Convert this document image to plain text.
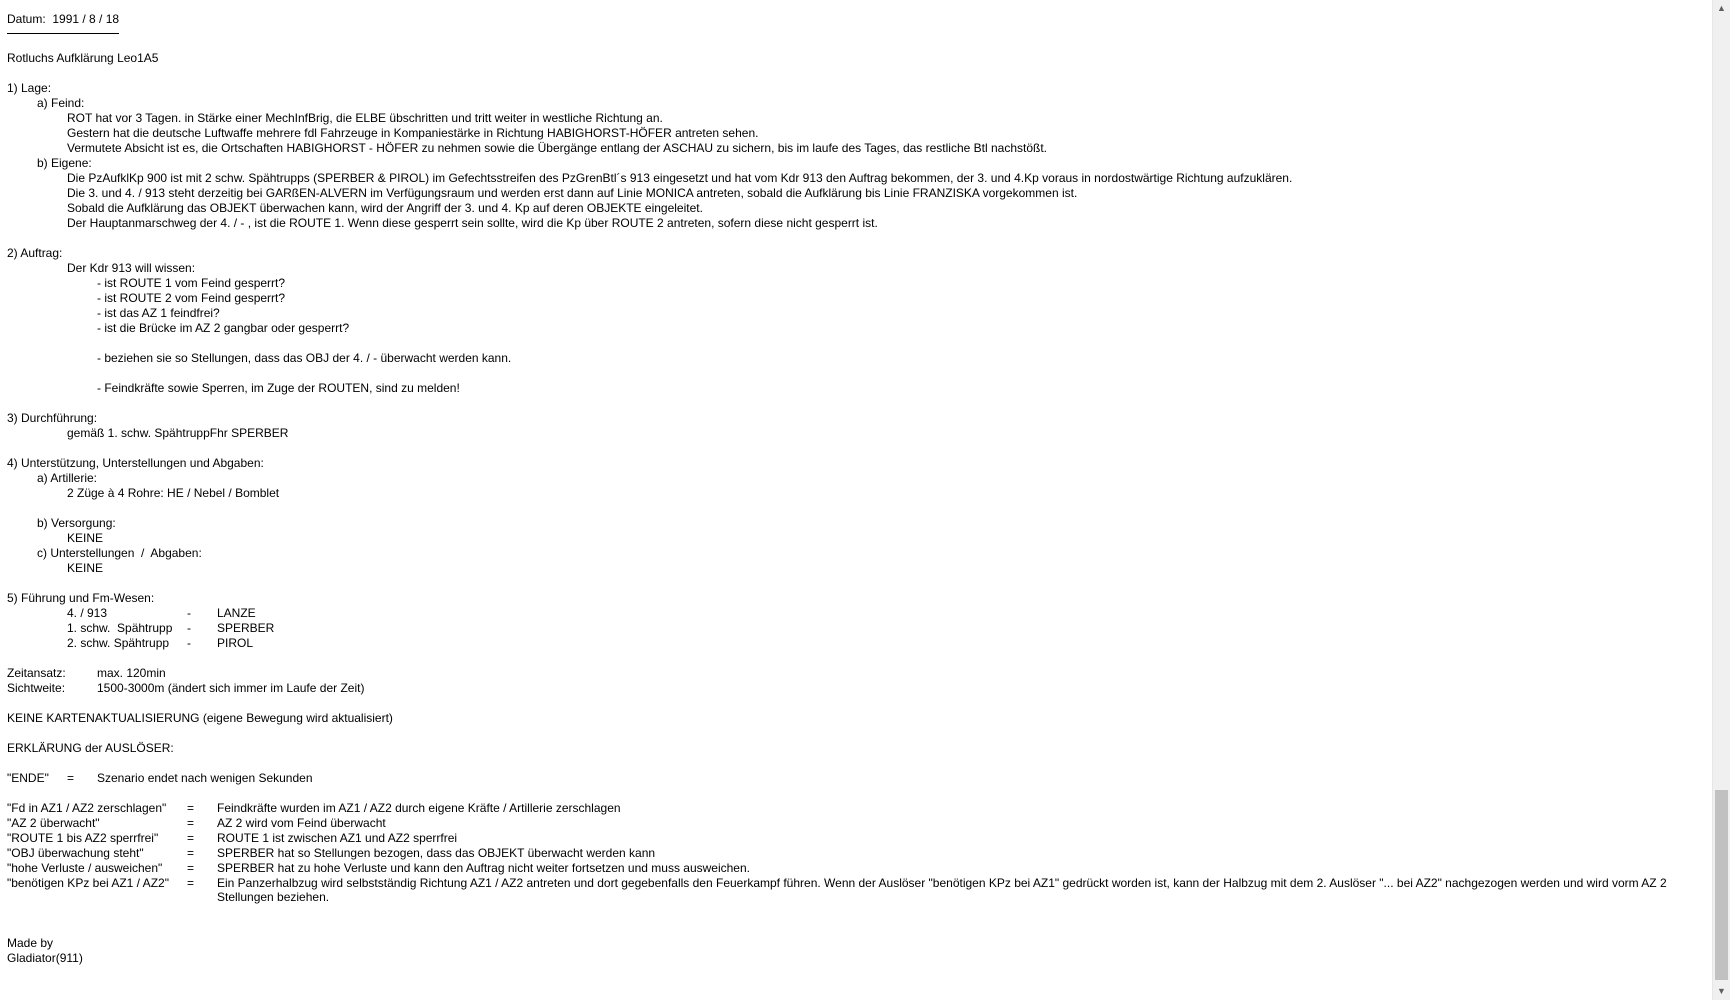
Datum:  1991 / 8 / 18
Rotluchs Aufklärung Leo1A5
1) Lage:
a) Feind:
ROT hat vor 3 Tagen. in Stärke einer MechInfBrig, die ELBE übschritten und tritt weiter in westliche Richtung an.
Gestern hat die deutsche Luftwaffe mehrere fdl Fahrzeuge in Kompaniestärke in Richtung HABIGHORST-HÖFER antreten sehen.
Vermutete Absicht ist es, die Ortschaften HABIGHORST - HÖFER zu nehmen sowie die Übergänge entlang der ASCHAU zu sichern, bis im laufe des Tages, das restliche Btl nachstößt.
b) Eigene:
Die PzAufklKp 900 ist mit 2 schw. Spähtrupps (SPERBER & PIROL) im Gefechtsstreifen des PzGrenBtl´s 913 eingesetzt und hat vom Kdr 913 den Auftrag bekommen, der 3. und 4.Kp voraus in nordostwärtige Richtung aufzuklären.
Die 3. und 4. / 913 steht derzeitig bei GARßEN-ALVERN im Verfügungsraum und werden erst dann auf Linie MONICA antreten, sobald die Aufklärung bis Linie FRANZISKA vorgekommen ist.
Sobald die Aufklärung das OBJEKT überwachen kann, wird der Angriff der 3. und 4. Kp auf deren OBJEKTE eingeleitet.
Der Hauptanmarschweg der 4. / - , ist die ROUTE 1. Wenn diese gesperrt sein sollte, wird die Kp über ROUTE 2 antreten, sofern diese nicht gesperrt ist.
2) Auftrag:
Der Kdr 913 will wissen:
- ist ROUTE 1 vom Feind gesperrt?
- ist ROUTE 2 vom Feind gesperrt?
- ist das AZ 1 feindfrei?
- ist die Brücke im AZ 2 gangbar oder gesperrt?
- beziehen sie so Stellungen, dass das OBJ der 4. / - überwacht werden kann.
- Feindkräfte sowie Sperren, im Zuge der ROUTEN, sind zu melden!
3) Durchführung:
gemäß 1. schw. SpähtruppFhr SPERBER
4) Unterstützung, Unterstellungen und Abgaben:
a) Artillerie:
2 Züge à 4 Rohre: HE / Nebel / Bomblet
b) Versorgung:
KEINE
c) Unterstellungen  /  Abgaben:
KEINE
5) Führung und Fm-Wesen:
4. / 913	- LANZE
1. schw.  Spähtrupp - SPERBER
2. schw. Spähtrupp - PIROL
Zeitansatz:	max. 120min
Sichtweite:	1500-3000m (ändert sich immer im Laufe der Zeit)
KEINE KARTENAKTUALISIERUNG (eigene Bewegung wird aktualisiert)
ERKLÄRUNG der AUSLÖSER:
"ENDE" = Szenario endet nach wenigen Sekunden
"Fd in AZ1 / AZ2 zerschlagen" = Feindkräfte wurden im AZ1 / AZ2 durch eigene Kräfte / Artillerie zerschlagen
"AZ 2 überwacht"	= AZ 2 wird vom Feind überwacht
"ROUTE 1 bis AZ2 sperrfrei" = ROUTE 1 ist zwischen AZ1 und AZ2 sperrfrei
"OBJ überwachung steht"	= SPERBER hat so Stellungen bezogen, dass das OBJEKT überwacht werden kann
"hohe Verluste / ausweichen" = SPERBER hat zu hohe Verluste und kann den Auftrag nicht weiter fortsetzen und muss ausweichen.
"benötigen KPz bei AZ1 / AZ2" = Ein Panzerhalbzug wird selbstständig Richtung AZ1 / AZ2 antreten und dort gegebenfalls den Feuerkampf führen. Wenn der Auslöser "benötigen KPz bei AZ1" gedrückt worden ist, kann der Halbzug mit dem 2. Auslöser "... bei AZ2" nachgezogen werden und wird vorm AZ 2 Stellungen beziehen.
Made by
Gladiator(911)
▲
▼
